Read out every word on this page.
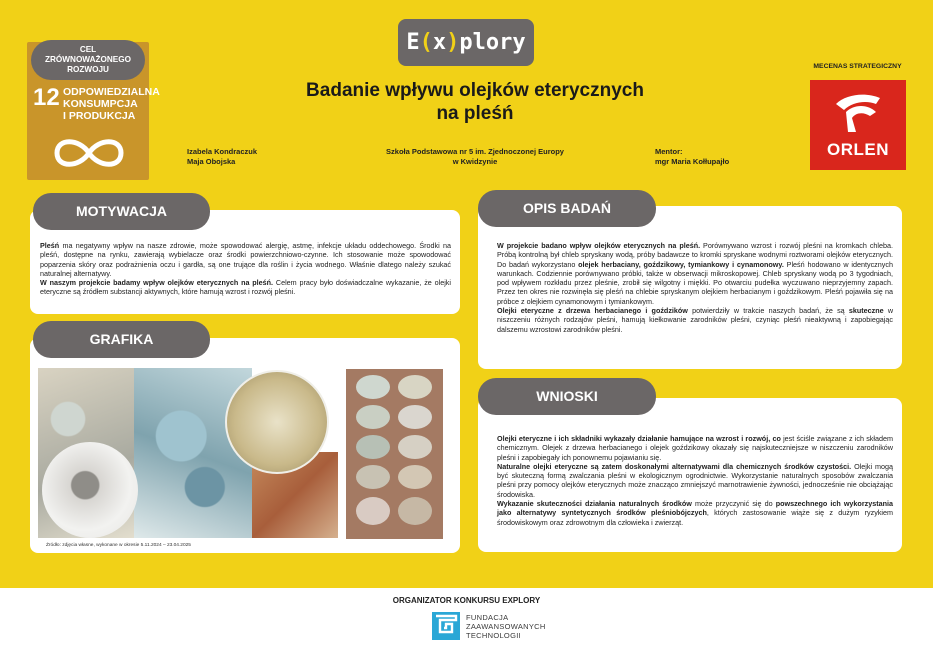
E(x)plory
CEL
ZRÓWNOWAŻONEGO
ROZWOJU
12 ODPOWIEDZIALNA
KONSUMPCJA
I PRODUKCJA
Badanie wpływu olejków eterycznych
na pleśń
Izabela Kondraczuk
Maja Obojska
Szkoła Podstawowa nr 5 im. Zjednoczonej Europy
w Kwidzynie
Mentor:
mgr Maria Kołłupajło
MECENAS STRATEGICZNY
ORLEN
MOTYWACJA

Pleśń ma negatywny wpływ na nasze zdrowie, może spowodować alergię, astmę, infekcje układu oddechowego. Środki na pleśń, dostępne na rynku, zawierają wybielacze oraz środki powierzchniowo-czynne. Ich stosowanie może spowodować poparzenia skóry oraz podrażnienia oczu i gardła, są one trujące dla roślin i życia wodnego. Właśnie dlatego należy szukać naturalnej alternatywy.

W naszym projekcie badamy wpływ olejków eterycznych na pleśń. Celem pracy było doświadczalne wykazanie, że olejki eteryczne są źródłem substancji aktywnych, które hamują wzrost i rozwój pleśni.

GRAFIKA
Źródło: zdjęcia własne, wykonane w okresie 5.11.2024 – 23.04.2025
OPIS BADAŃ

W projekcie badano wpływ olejków eterycznych na pleśń. Porównywano wzrost i rozwój pleśni na kromkach chleba. Próbą kontrolną był chleb spryskany wodą, próby badawcze to kromki spryskane wodnymi roztworami olejków eterycznych. Do badań wykorzystano olejek herbaciany, goździkowy, tymiankowy i cynamonowy. Pleśń hodowano w identycznych warunkach. Codziennie porównywano próbki, także w obserwacji mikroskopowej. Chleb spryskany wodą po 3 tygodniach, pod wpływem rozkładu przez pleśnie, zrobił się wilgotny i miękki. Po otwarciu pudełka wyczuwano nieprzyjemny zapach. Przez ten okres nie rozwinęła się pleśń na chlebie spryskanym olejkiem herbacianym i goździkowym. Pleśń pojawiła się na próbce z olejkiem cynamonowym i tymiankowym.

Olejki eteryczne z drzewa herbacianego i goździków potwierdziły w trakcie naszych badań, że są skuteczne w niszczeniu różnych rodzajów pleśni, hamują kiełkowanie zarodników pleśni, czyniąc pleśń nieaktywną i zapobiegając dalszemu wzrostowi zarodników pleśni.

WNIOSKI

Olejki eteryczne i ich składniki wykazały działanie hamujące na wzrost i rozwój, co jest ściśle związane z ich składem chemicznym. Olejek z drzewa herbacianego i olejek goździkowy okazały się najskuteczniejsze w niszczeniu zarodników pleśni i zapobiegały ich ponownemu pojawianiu się.

Naturalne olejki eteryczne są zatem doskonałymi alternatywami dla chemicznych środków czystości. Olejki mogą być skuteczną formą zwalczania pleśni w ekologicznym ogrodnictwie. Wykorzystanie naturalnych sposobów zwalczania pleśni przy pomocy olejków eterycznych może znacząco zmniejszyć marnotrawienie żywności, jednocześnie nie obciążając środowiska.

Wykazanie skuteczności działania naturalnych środków może przyczynić się do powszechnego ich wykorzystania jako alternatywy syntetycznych środków pleśniobójczych, których zastosowanie wiąże się z dużym ryzykiem środowiskowym oraz zdrowotnym dla człowieka i zwierząt.

ORGANIZATOR KONKURSU EXPLORY
FUNDACJA
ZAAWANSOWANYCH
TECHNOLOGII
